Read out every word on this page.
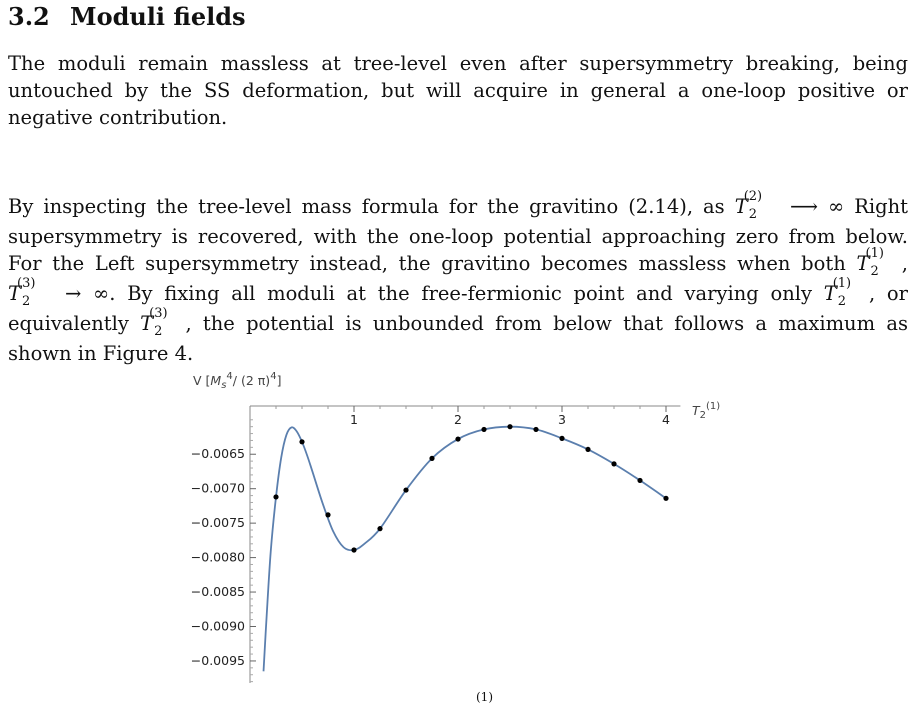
3.2 Moduli fields

The moduli remain massless at tree-level even after supersymmetry breaking, being untouched by the SS deformation, but will acquire in general a one-loop positive or negative contribution.

By inspecting the tree-level mass formula for the gravitino (2.14), as $T_2$
(2) ⟶ ∞ Right supersymmetry is recovered, with the one-loop potential approaching zero from below. For the Left supersymmetry instead, the gravitino becomes massless when both $T_2$
(1) , $T_2$
(3) → ∞. By fixing all moduli at the free-fermionic point and varying only $T_2$
(1) , or equivalently $T_2$
(3) , the potential is unbounded from below that follows a maximum as shown in Figure 4.

V [$M_s^4/$ (2 π)$^4$]
$T_2^{(1)}$
1	2	3	4
−0.0065
−0.0070
−0.0075
−0.0080
−0.0085
−0.0090
−0.0095
(1)
